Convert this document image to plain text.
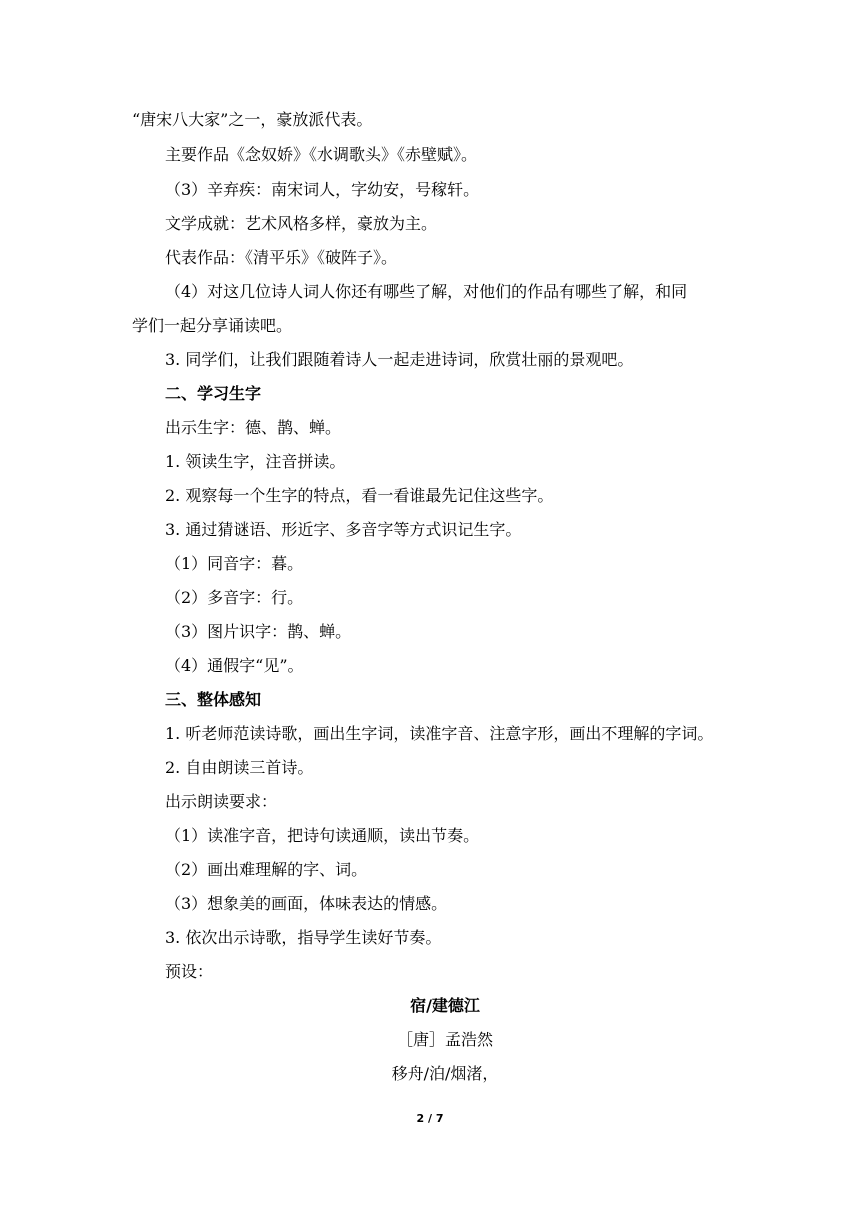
“唐宋八大家”之一，豪放派代表。
主要作品《念奴娇》《水调歌头》《赤壁赋》。
（3）辛弃疾：南宋词人，字幼安，号稼轩。
文学成就：艺术风格多样，豪放为主。
代表作品：《清平乐》《破阵子》。
（4）对这几位诗人词人你还有哪些了解，对他们的作品有哪些了解，和同
学们一起分享诵读吧。
3. 同学们，让我们跟随着诗人一起走进诗词，欣赏壮丽的景观吧。
二、学习生字
出示生字：德、鹊、蝉。
1. 领读生字，注音拼读。
2. 观察每一个生字的特点，看一看谁最先记住这些字。
3. 通过猜谜语、形近字、多音字等方式识记生字。
（1）同音字：暮。
（2）多音字：行。
（3）图片识字：鹊、蝉。
（4）通假字“见”。
三、整体感知
1. 听老师范读诗歌，画出生字词，读准字音、注意字形，画出不理解的字词。
2. 自由朗读三首诗。
出示朗读要求：
（1）读准字音，把诗句读通顺，读出节奏。
（2）画出难理解的字、词。
（3）想象美的画面，体味表达的情感。
3. 依次出示诗歌，指导学生读好节奏。
预设：
宿/建德江
［唐］孟浩然
移舟/泊/烟渚，
2 / 7
